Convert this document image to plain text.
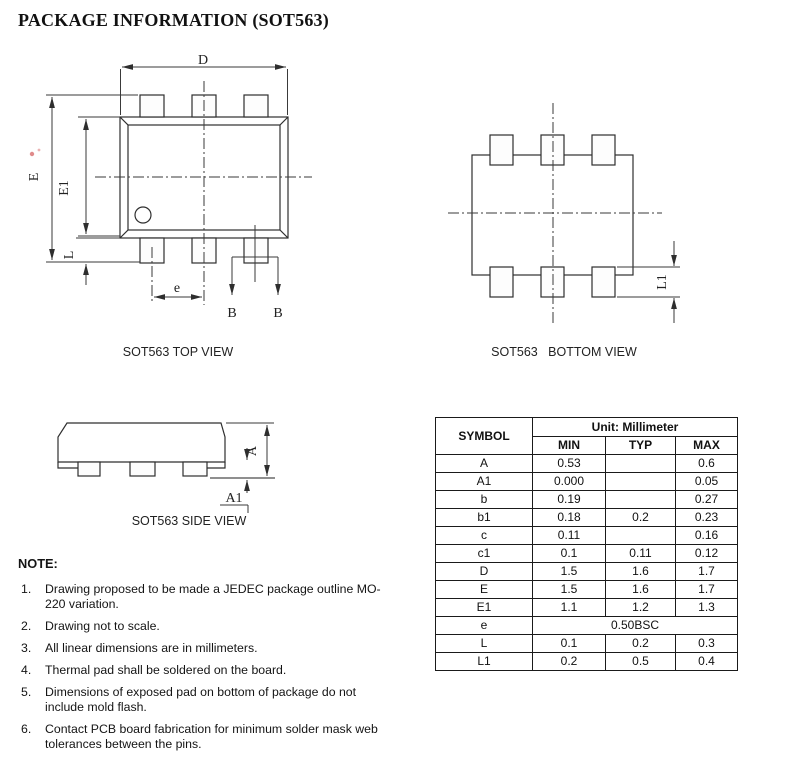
PACKAGE INFORMATION (SOT563)
D
E
E1
L
e
B	B
SOT563 TOP VIEW
L1
SOT563   BOTTOM VIEW
A
A1
SOT563 SIDE VIEW
SYMBOL	Unit: Millimeter		
	MIN	TYP	MAX
A	0.53		0.6
A1	0.000		0.05
b	0.19		0.27
b1	0.18	0.2	0.23
c	0.11		0.16
c1	0.1	0.11	0.12
D	1.5	1.6	1.7
E	1.5	1.6	1.7
E1	1.1	1.2	1.3
e	0.50BSC		
L	0.1	0.2	0.3
L1	0.2	0.5	0.4
NOTE:
Drawing proposed to be made a JEDEC package outline MO-220 variation.
Drawing not to scale.
All linear dimensions are in millimeters.
Thermal pad shall be soldered on the board.
Dimensions of exposed pad on bottom of package do not include mold flash.
Contact PCB board fabrication for minimum solder mask web tolerances between the pins.
